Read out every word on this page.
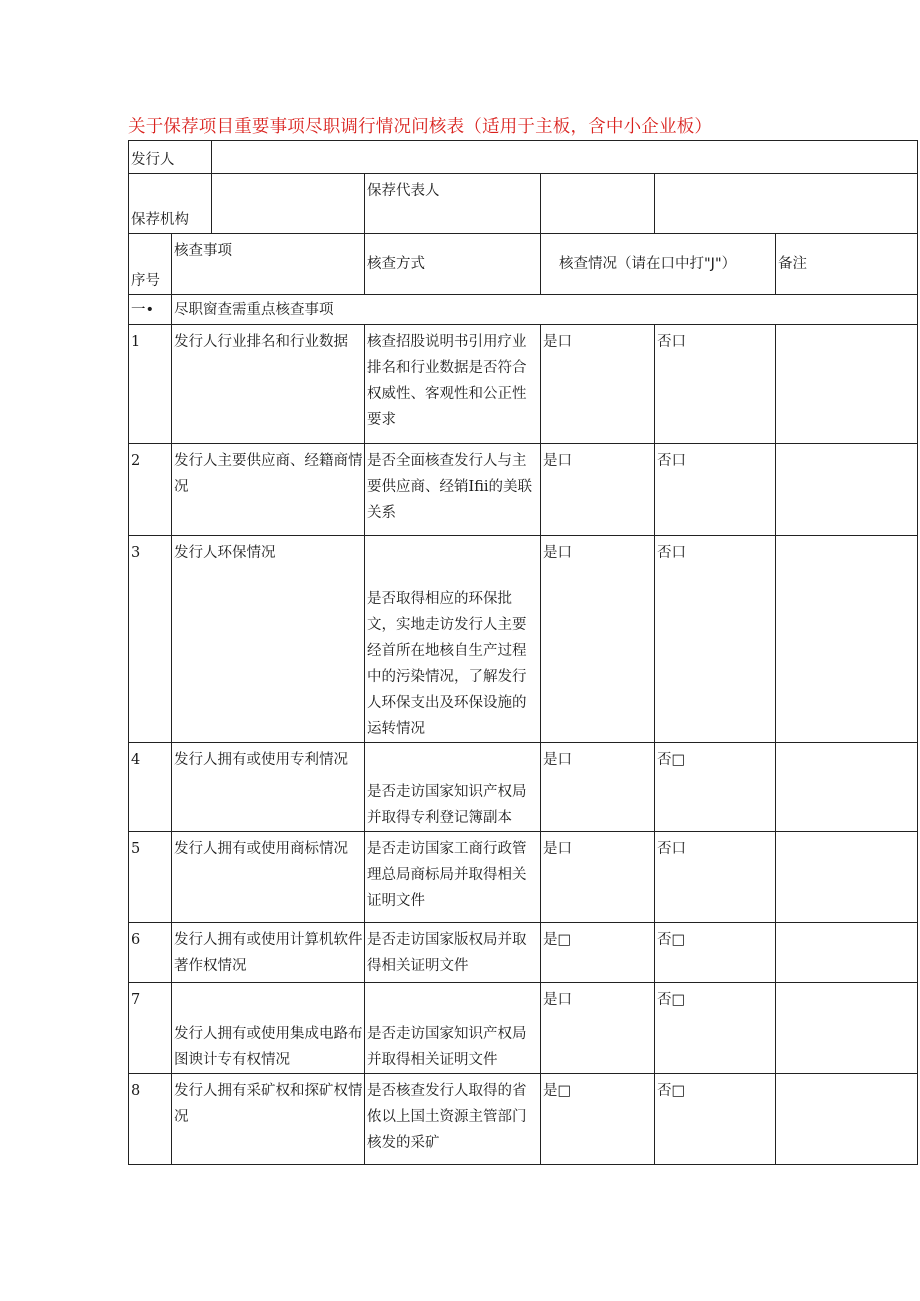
关于保荐项目重要事项尽职调行情况问核表（适用于主板，含中小企业板）
发行人						

保荐机构			保荐代表人			

序号	核查事项		核查方式	核查情况（请在口中打"J"）		备注

一•	尽职窗查需重点核查事项					

1	发行人行业排名和行业数据		核查招股说明书引用疗业排名和行业数据是否符合权威性、客观性和公正性要求	是口	否口	

2	发行人主要供应商、经籍商情况		是否全面核查发行人与主要供应商、经销Ifii的美联关系	是口	否口	

3	发行人环保情况		是否取得相应的环保批文，实地走访发行人主要经首所在地核自生产过程中的污染情况，了解发行人环保支出及环保设施的运转情况	是口	否口	

4	发行人拥有或使用专利情况		是否走访国家知识产权局并取得专利登记簿副本	是口	否□	

5	发行人拥有或使用商标情况		是否走访国家工商行政管理总局商标局并取得相关证明文件	是口	否口	

6	发行人拥有或使用计算机软件著作权情况		是否走访国家版权局并取得相关证明文件	是□	否□	

7	发行人拥有或使用集成电路布图谀计专有权情况		是否走访国家知识产权局并取得相关证明文件	是口	否□	

8	发行人拥有采矿权和探矿权情况		是否核查发行人取得的省侬以上国土资源主管部门核发的采矿	是□	否□	
